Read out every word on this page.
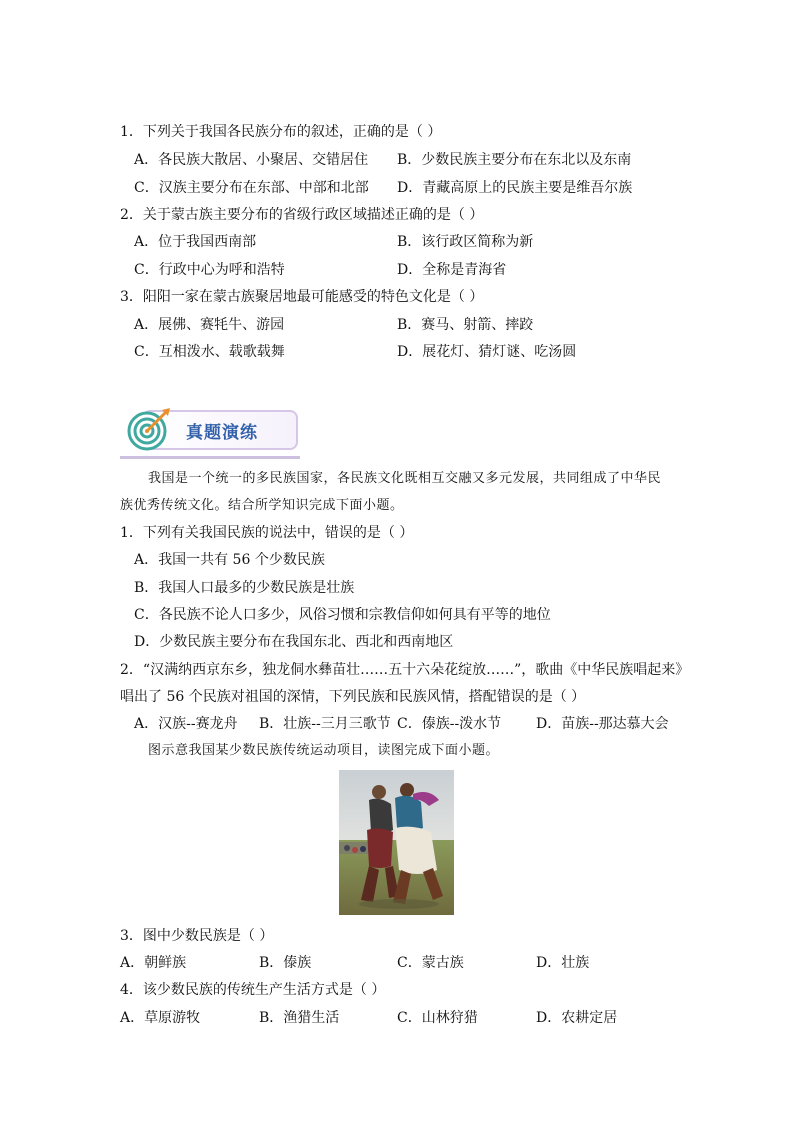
1．下列关于我国各民族分布的叙述，正确的是（ ）
A．各民族大散居、小聚居、交错居住 B．少数民族主要分布在东北以及东南
C．汉族主要分布在东部、中部和北部 D．青藏高原上的民族主要是维吾尔族
2．关于蒙古族主要分布的省级行政区域描述正确的是（ ）
A．位于我国西南部	B．该行政区简称为新
C．行政中心为呼和浩特	D．全称是青海省
3．阳阳一家在蒙古族聚居地最可能感受的特色文化是（ ）
A．展佛、赛牦牛、游园	B．赛马、射箭、摔跤
C．互相泼水、载歌载舞	D．展花灯、猜灯谜、吃汤圆
真题演练
我国是一个统一的多民族国家，各民族文化既相互交融又多元发展，共同组成了中华民
族优秀传统文化。结合所学知识完成下面小题。
1．下列有关我国民族的说法中，错误的是（ ）
A．我国一共有 56 个少数民族
B．我国人口最多的少数民族是壮族
C．各民族不论人口多少，风俗习惯和宗教信仰如何具有平等的地位
D．少数民族主要分布在我国东北、西北和西南地区
2．“汉满纳西京东乡，独龙侗水彝苗壮……五十六朵花绽放……”，歌曲《中华民族唱起来》
唱出了 56 个民族对祖国的深情，下列民族和民族风情，搭配错误的是（ ）
A．汉族--赛龙舟 B．壮族--三月三歌节 C．傣族--泼水节 D．苗族--那达慕大会
图示意我国某少数民族传统运动项目，读图完成下面小题。
3．图中少数民族是（ ）
A．朝鲜族	B．傣族	C．蒙古族	D．壮族
4．该少数民族的传统生产生活方式是（ ）
A．草原游牧	B．渔猎生活	C．山林狩猎	D．农耕定居
